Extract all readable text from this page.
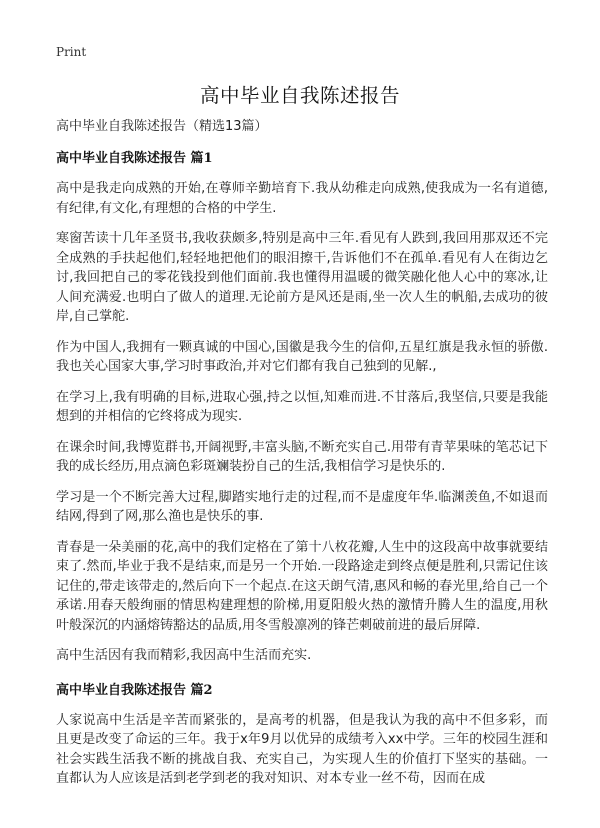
Print
高中毕业自我陈述报告

高中毕业自我陈述报告（精选13篇）

高中毕业自我陈述报告 篇1

高中是我走向成熟的开始,在尊师辛勤培育下.我从幼稚走向成熟,使我成为一名有道德,有纪律,有文化,有理想的合格的中学生.

寒窗苦读十几年圣贤书,我收获颇多,特别是高中三年.看见有人跌到,我回用那双还不完全成熟的手扶起他们,轻轻地把他们的眼泪擦干,告诉他们不在孤单.看见有人在街边乞讨,我回把自己的零花钱投到他们面前.我也懂得用温暖的微笑融化他人心中的寒冰,让人间充满爱.也明白了做人的道理.无论前方是风还是雨,坐一次人生的帆船,去成功的彼岸,自己掌舵.

作为中国人,我拥有一颗真诚的中国心,国徽是我今生的信仰,五星红旗是我永恒的骄傲.我也关心国家大事,学习时事政治,并对它们都有我自己独到的见解.,

在学习上,我有明确的目标,进取心强,持之以恒,知难而进.不甘落后,我坚信,只要是我能想到的并相信的它终将成为现实.

在课余时间,我博览群书,开阔视野,丰富头脑,不断充实自己.用带有青苹果味的笔芯记下我的成长经历,用点滴色彩斑斓装扮自己的生活,我相信学习是快乐的.

学习是一个不断完善大过程,脚踏实地行走的过程,而不是虚度年华.临渊羡鱼,不如退而结网,得到了网,那么渔也是快乐的事.

青春是一朵美丽的花,高中的我们定格在了第十八枚花瓣,人生中的这段高中故事就要结束了.然而,毕业于我不是结束,而是另一个开始.一段路途走到终点便是胜利,只需记住该记住的,带走该带走的,然后向下一个起点.在这天朗气清,惠风和畅的春光里,给自己一个承诺.用春天般绚丽的情思构建理想的阶梯,用夏阳般火热的激情升腾人生的温度,用秋叶般深沉的内涵熔铸豁达的品质,用冬雪般凛冽的锋芒刺破前进的最后屏障.

高中生活因有我而精彩,我因高中生活而充实.

高中毕业自我陈述报告 篇2

人家说高中生活是辛苦而紧张的，是高考的机器，但是我认为我的高中不但多彩，而且更是改变了命运的三年。我于x年9月以优异的成绩考入xx中学。三年的校园生涯和社会实践生活我不断的挑战自我、充实自己，为实现人生的价值打下坚实的基础。一直都认为人应该是活到老学到老的我对知识、对本专业一丝不苟，因而在成
